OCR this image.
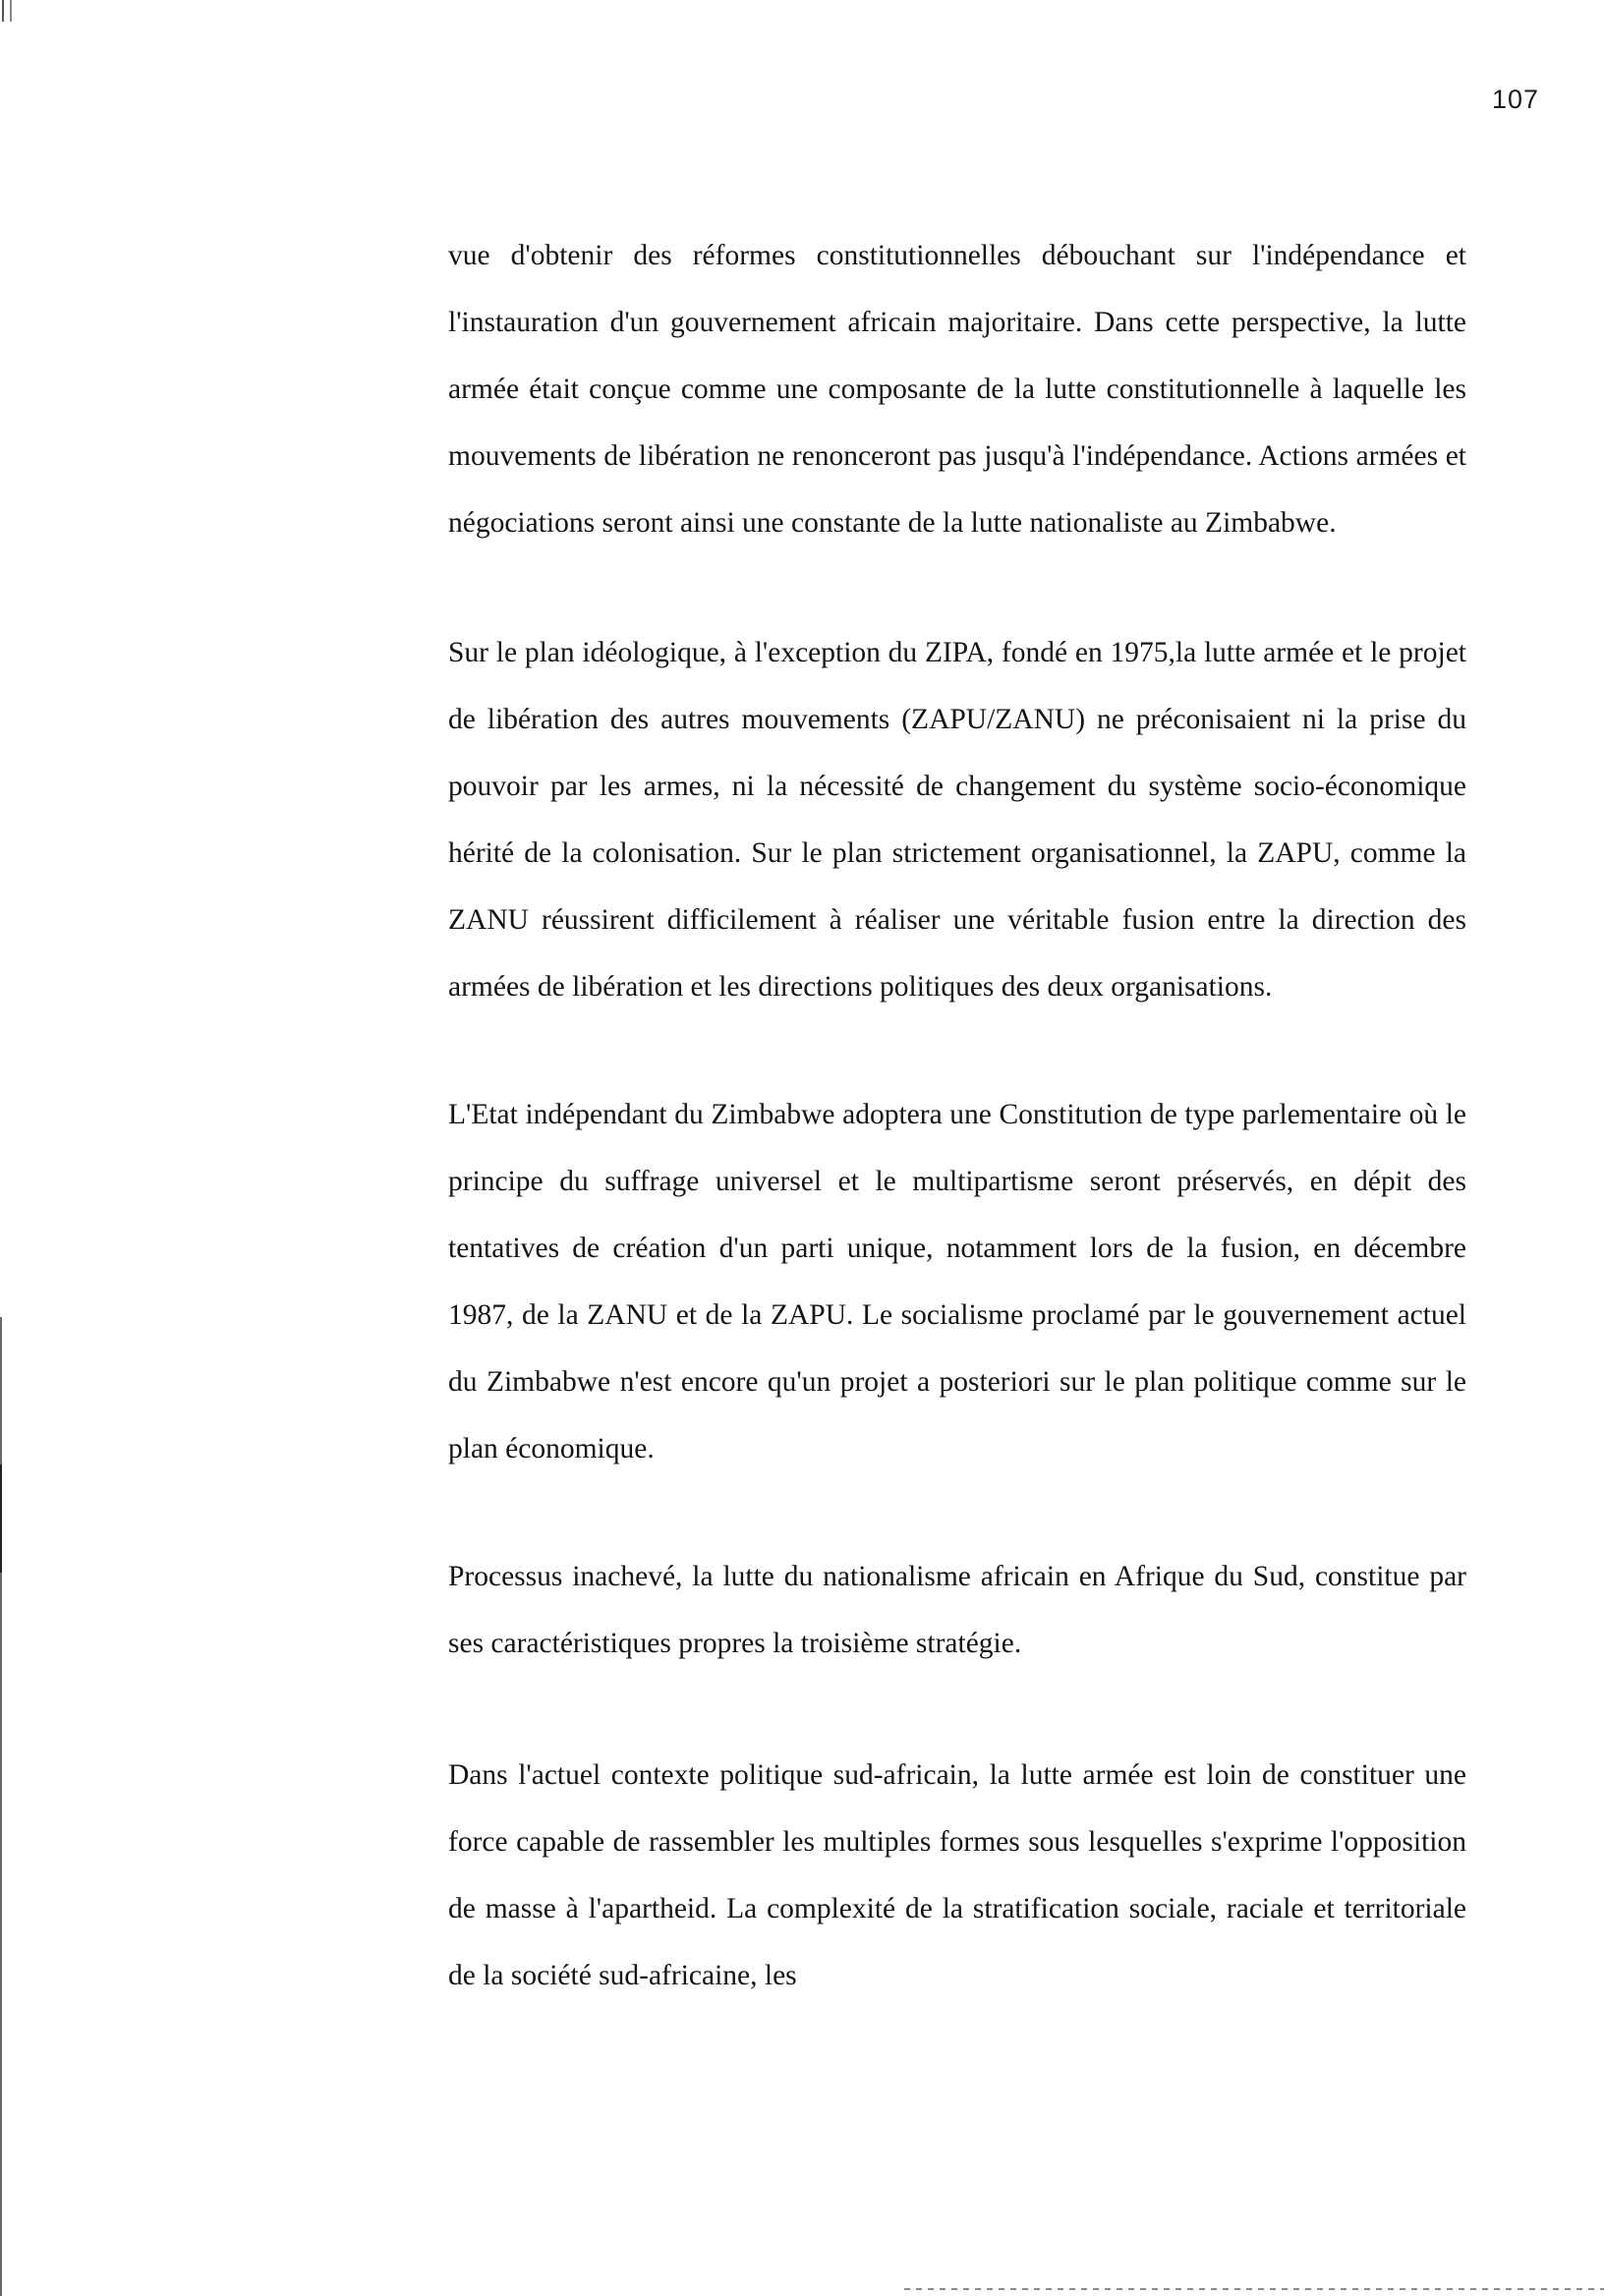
107

vue d'obtenir des réformes constitutionnelles débouchant sur l'indépendance et l'instauration d'un gouvernement africain majoritaire. Dans cette perspective, la lutte armée était conçue comme une composante de la lutte constitutionnelle à laquelle les mouvements de libération ne renonceront pas jusqu'à l'indépendance. Actions armées et négociations seront ainsi une constante de la lutte nationaliste au Zimbabwe.

Sur le plan idéologique, à l'exception du ZIPA, fondé en 1975,la lutte armée et le projet de libération des autres mouvements (ZAPU/ZANU) ne préconisaient ni la prise du pouvoir par les armes, ni la nécessité de changement du système socio-économique hérité de la colonisation. Sur le plan strictement organisationnel, la ZAPU, comme la ZANU réussirent difficilement à réaliser une véritable fusion entre la direction des armées de libération et les directions politiques des deux organisations.

L'Etat indépendant du Zimbabwe adoptera une Constitution de type parlementaire où le principe du suffrage universel et le multipartisme seront préservés, en dépit des tentatives de création d'un parti unique, notamment lors de la fusion, en décembre 1987, de la ZANU et de la ZAPU. Le socialisme proclamé par le gouvernement actuel du Zimbabwe n'est encore qu'un projet a posteriori sur le plan politique comme sur le plan économique.

Processus inachevé, la lutte du nationalisme africain en Afrique du Sud, constitue par ses caractéristiques propres la troisième stratégie.

Dans l'actuel contexte politique sud-africain, la lutte armée est loin de constituer une force capable de rassembler les multiples formes sous lesquelles s'exprime l'opposition de masse à l'apartheid. La complexité de la stratification sociale, raciale et territoriale de la société sud-africaine, les
